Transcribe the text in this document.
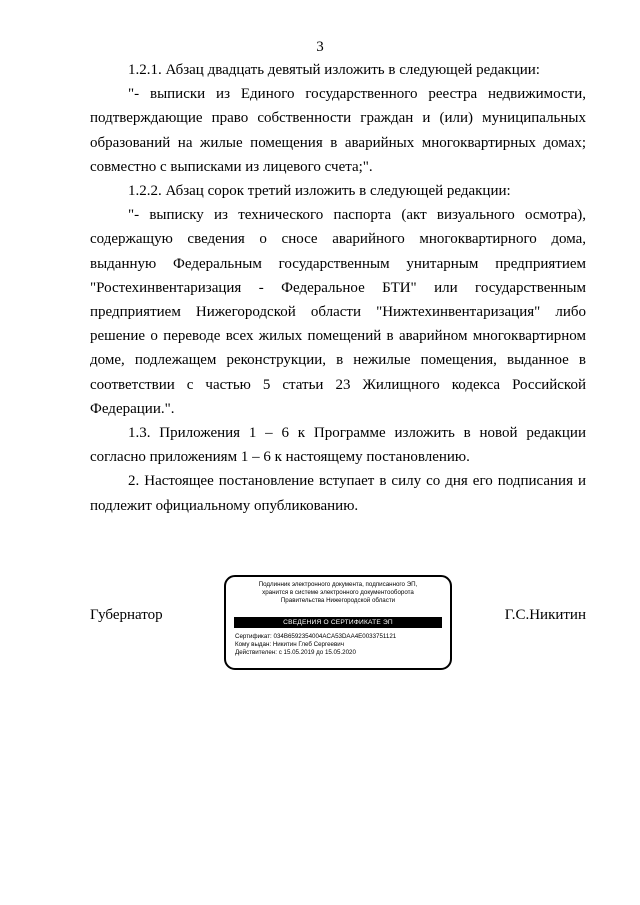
3

1.2.1. Абзац двадцать девятый изложить в следующей редакции:

"- выписки из Единого государственного реестра недвижимости, подтверждающие право собственности граждан и (или) муниципальных образований на жилые помещения в аварийных многоквартирных домах; совместно с выписками из лицевого счета;".

1.2.2. Абзац сорок третий изложить в следующей редакции:

"- выписку из технического паспорта (акт визуального осмотра), содержащую сведения о сносе аварийного многоквартирного дома, выданную Федеральным государственным унитарным предприятием "Ростехинвентаризация - Федеральное БТИ" или государственным предприятием Нижегородской области "Нижтехинвентаризация" либо решение о переводе всех жилых помещений в аварийном многоквартирном доме, подлежащем реконструкции, в нежилые помещения, выданное в соответствии с частью 5 статьи 23 Жилищного кодекса Российской Федерации.".

1.3. Приложения 1 – 6 к Программе изложить в новой редакции согласно приложениям 1 – 6 к настоящему постановлению.

2. Настоящее постановление вступает в силу со дня его подписания и подлежит официальному опубликованию.

Губернатор
Подлинник электронного документа, подписанного ЭП,
хранится в системе электронного документооборота
Правительства Нижегородской области
СВЕДЕНИЯ О СЕРТИФИКАТЕ ЭП
Сертификат: 034B6592354004ACA53DAA4E0033751121
Кому выдан: Никитин Глеб Сергеевич
Действителен: с 15.05.2019 до 15.05.2020
Г.С.Никитин
